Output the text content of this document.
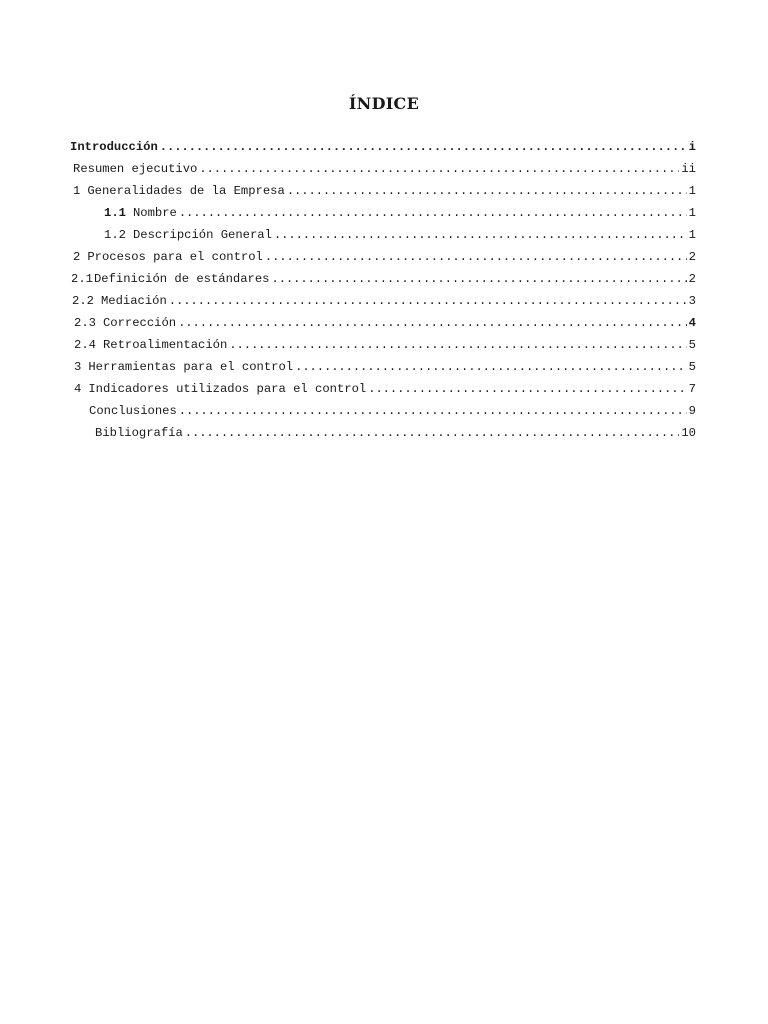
ÍNDICE
Introducción .....	i
Resumen ejecutivo .....	ii
1 Generalidades de la Empresa .....	1
1.1 Nombre .....	1
1.2 Descripción General .....	1
2 Procesos para el control .....	2
2.1 Definición de estándares .....	2
2.2 Mediación .....	3
2.3 Corrección .....	4
2.4 Retroalimentación .....	5
3 Herramientas para el control .....	5
4 Indicadores utilizados para el control .....	7
Conclusiones .....	9
Bibliografía .....	10
